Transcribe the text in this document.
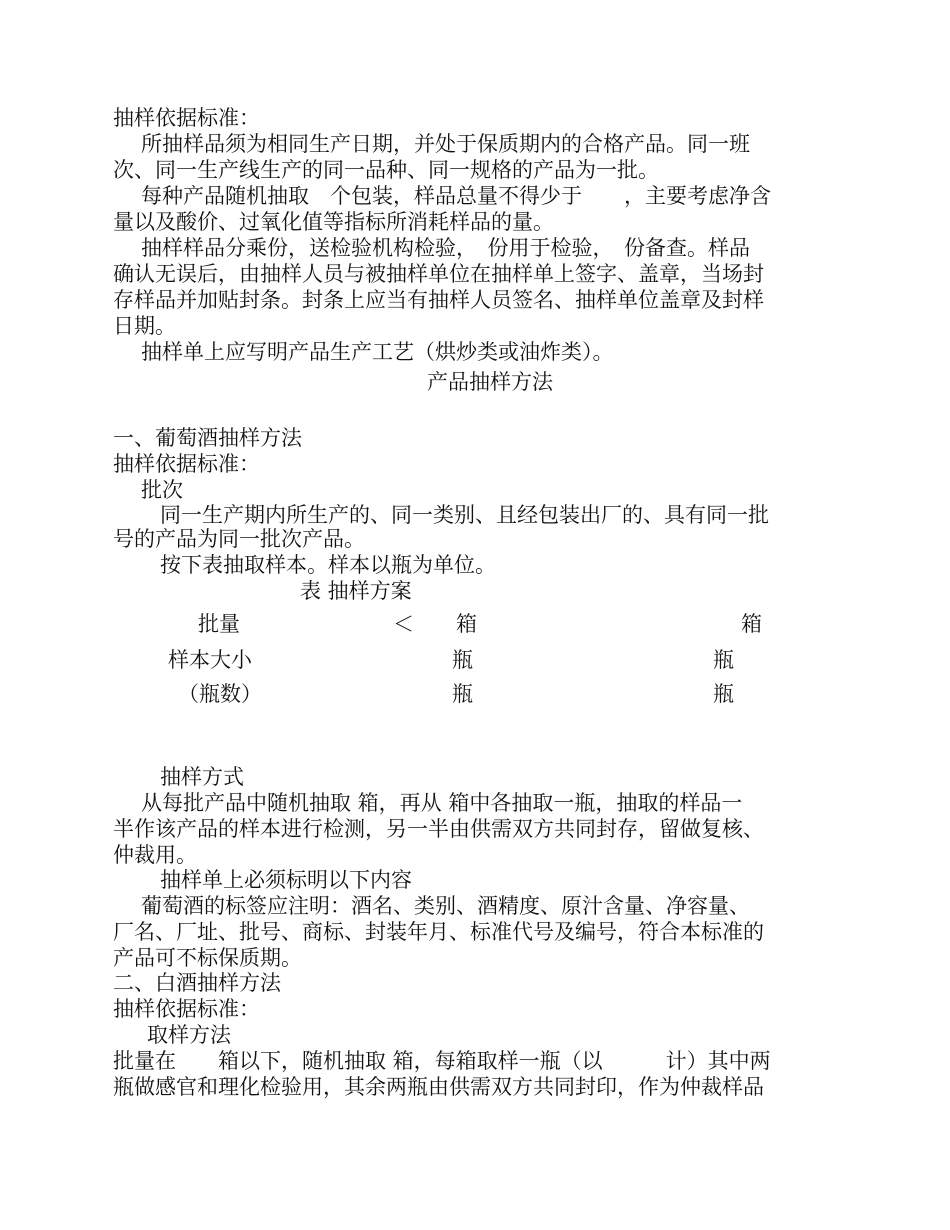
抽样依据标准：
所抽样品须为相同生产日期，并处于保质期内的合格产品。同一班
次、同一生产线生产的同一品种、同一规格的产品为一批。
每种产品随机抽取　个包装，样品总量不得少于　　，主要考虑净含
量以及酸价、过氧化值等指标所消耗样品的量。
抽样样品分乘份，送检验机构检验，　份用于检验，　份备查。样品
确认无误后，由抽样人员与被抽样单位在抽样单上签字、盖章，当场封
存样品并加贴封条。封条上应当有抽样人员签名、抽样单位盖章及封样
日期。
抽样单上应写明产品生产工艺（烘炒类或油炸类）。
产品抽样方法
一、葡萄酒抽样方法
抽样依据标准：
批次
同一生产期内所生产的、同一类别、且经包装出厂的、具有同一批
号的产品为同一批次产品。
按下表抽取样本。样本以瓶为单位。
表 抽样方案
批量	＜　　箱	箱
样本大小	瓶	瓶
（瓶数）	瓶	瓶
抽样方式
从每批产品中随机抽取 箱，再从 箱中各抽取一瓶，抽取的样品一
半作该产品的样本进行检测，另一半由供需双方共同封存，留做复核、
仲裁用。
抽样单上必须标明以下内容
葡萄酒的标签应注明：酒名、类别、酒精度、原汁含量、净容量、
厂名、厂址、批号、商标、封装年月、标准代号及编号，符合本标准的
产品可不标保质期。
二、白酒抽样方法
抽样依据标准：
取样方法
批量在　　箱以下，随机抽取 箱，每箱取样一瓶（以　　　计）其中两
瓶做感官和理化检验用，其余两瓶由供需双方共同封印，作为仲裁样品
